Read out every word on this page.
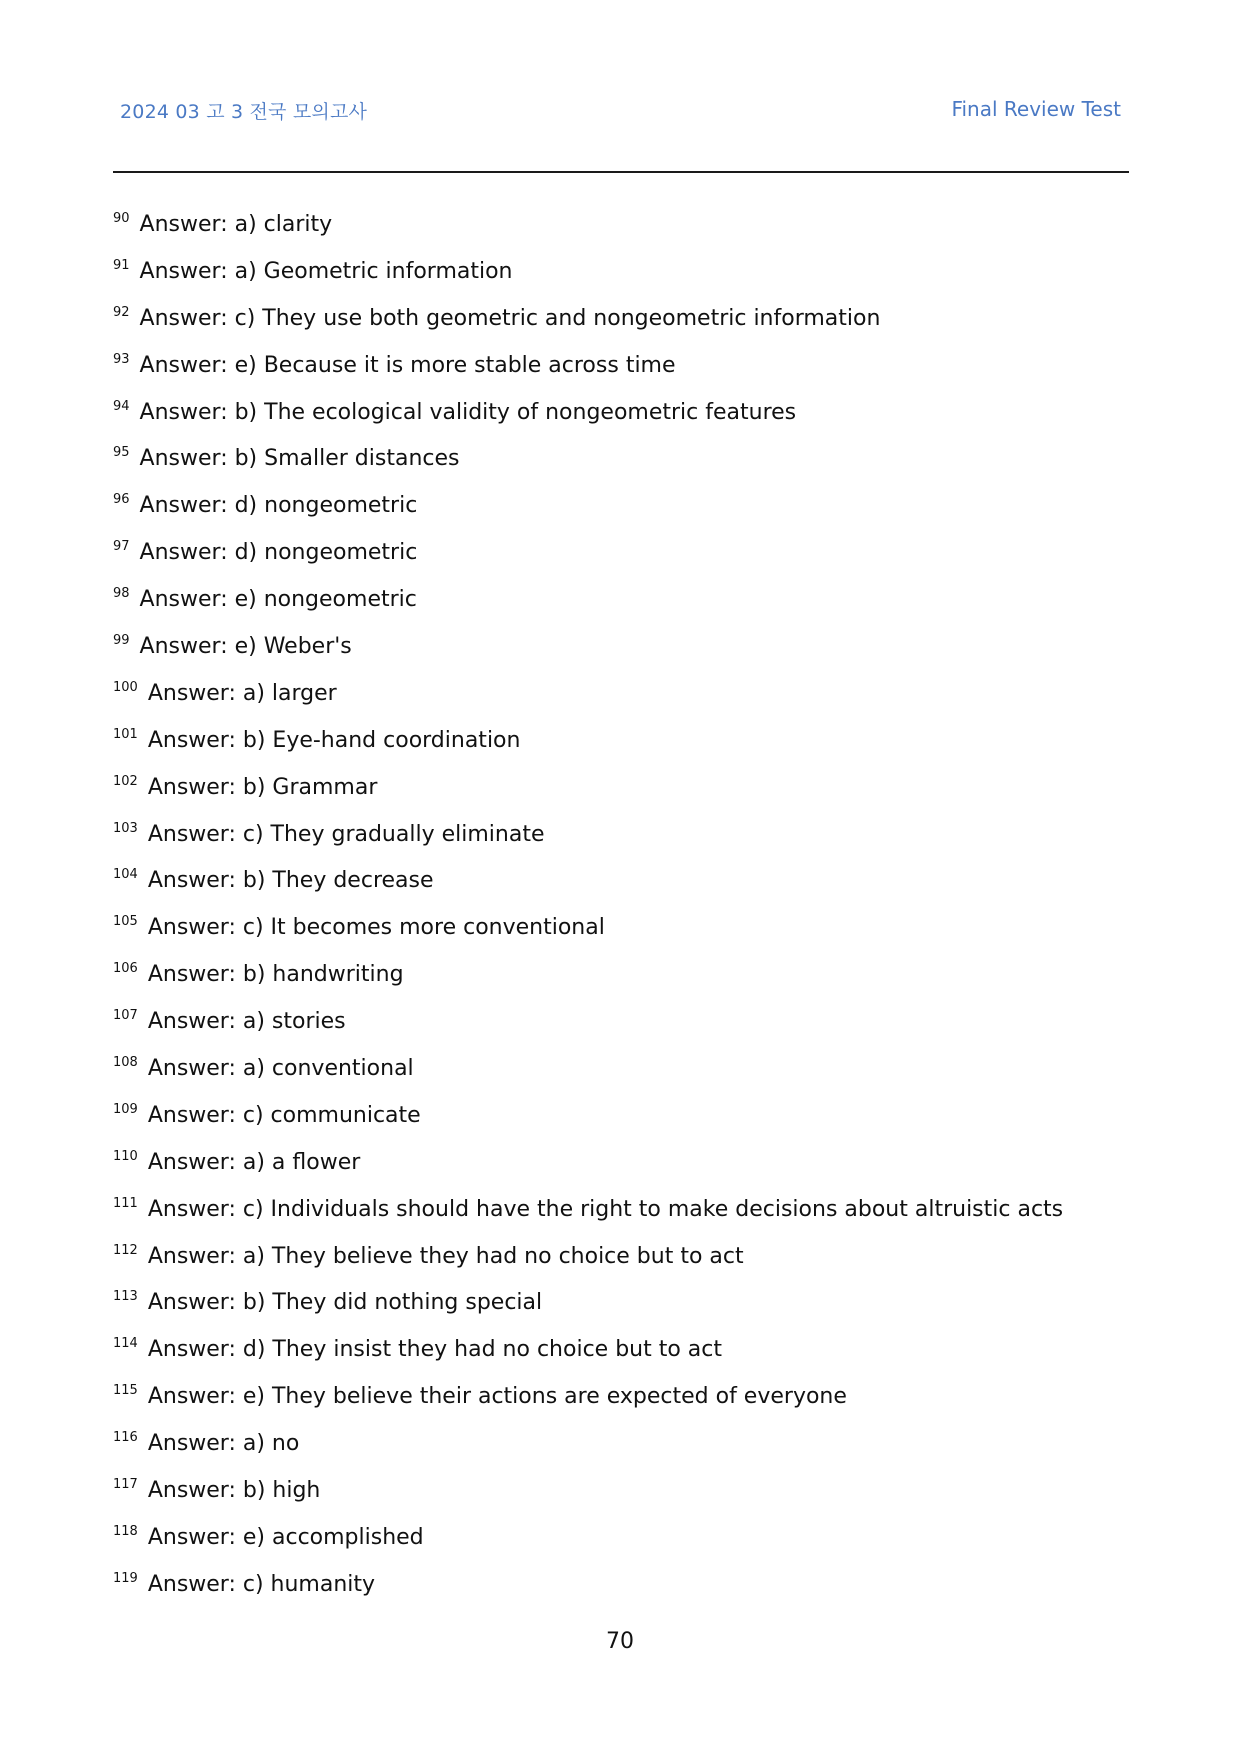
2024 03 고 3 전국 모의고사	Final Review Test
$^{90}$ Answer: a) clarity
$^{91}$ Answer: a) Geometric information
$^{92}$ Answer: c) They use both geometric and nongeometric information
$^{93}$ Answer: e) Because it is more stable across time
$^{94}$ Answer: b) The ecological validity of nongeometric features
$^{95}$ Answer: b) Smaller distances
$^{96}$ Answer: d) nongeometric
$^{97}$ Answer: d) nongeometric
$^{98}$ Answer: e) nongeometric
$^{99}$ Answer: e) Weber's
$^{100}$ Answer: a) larger
$^{101}$ Answer: b) Eye-hand coordination
$^{102}$ Answer: b) Grammar
$^{103}$ Answer: c) They gradually eliminate
$^{104}$ Answer: b) They decrease
$^{105}$ Answer: c) It becomes more conventional
$^{106}$ Answer: b) handwriting
$^{107}$ Answer: a) stories
$^{108}$ Answer: a) conventional
$^{109}$ Answer: c) communicate
$^{110}$ Answer: a) a flower
$^{111}$ Answer: c) Individuals should have the right to make decisions about altruistic acts
$^{112}$ Answer: a) They believe they had no choice but to act
$^{113}$ Answer: b) They did nothing special
$^{114}$ Answer: d) They insist they had no choice but to act
$^{115}$ Answer: e) They believe their actions are expected of everyone
$^{116}$ Answer: a) no
$^{117}$ Answer: b) high
$^{118}$ Answer: e) accomplished
$^{119}$ Answer: c) humanity
70
